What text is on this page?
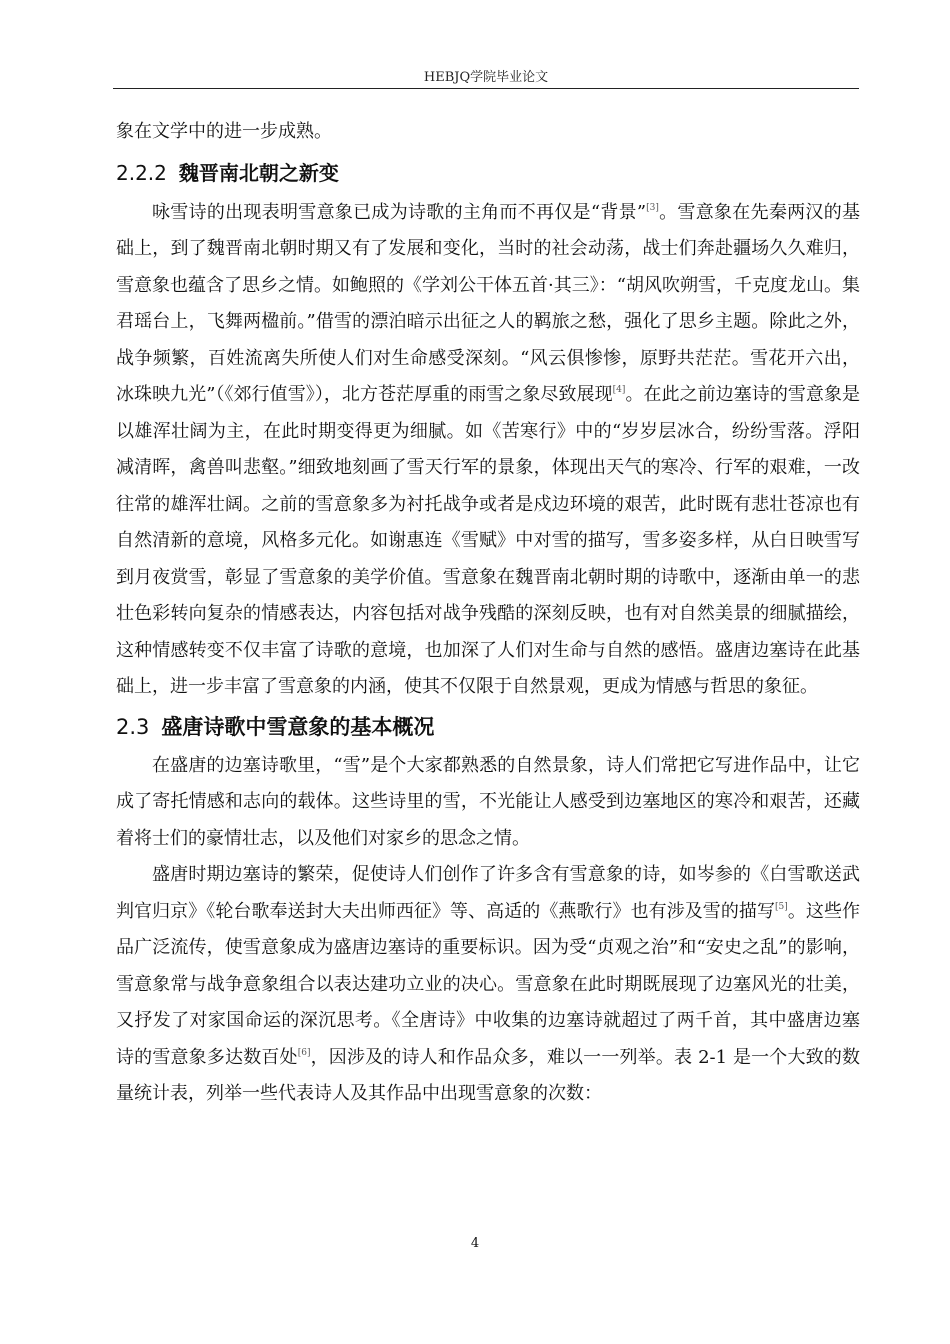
HEBJQ学院毕业论文

象在文学中的进一步成熟。

2.2.2 魏晋南北朝之新变

咏雪诗的出现表明雪意象已成为诗歌的主角而不再仅是“背景”[3]。雪意象在先秦两汉的基础上，到了魏晋南北朝时期又有了发展和变化，当时的社会动荡，战士们奔赴疆场久久难归，雪意象也蕴含了思乡之情。如鲍照的《学刘公干体五首·其三》：“胡风吹朔雪，千克度龙山。集君瑶台上，飞舞两楹前。”借雪的漂泊暗示出征之人的羁旅之愁，强化了思乡主题。除此之外，战争频繁，百姓流离失所使人们对生命感受深刻。“风云俱惨惨，原野共茫茫。雪花开六出，冰珠映九光”（《郊行值雪》），北方苍茫厚重的雨雪之象尽致展现[4]。在此之前边塞诗的雪意象是以雄浑壮阔为主，在此时期变得更为细腻。如《苦寒行》中的“岁岁层冰合，纷纷雪落。浮阳减清晖，禽兽叫悲壑。”细致地刻画了雪天行军的景象，体现出天气的寒冷、行军的艰难，一改往常的雄浑壮阔。之前的雪意象多为衬托战争或者是戍边环境的艰苦，此时既有悲壮苍凉也有自然清新的意境，风格多元化。如谢惠连《雪赋》中对雪的描写，雪多姿多样，从白日映雪写到月夜赏雪，彰显了雪意象的美学价值。雪意象在魏晋南北朝时期的诗歌中，逐渐由单一的悲壮色彩转向复杂的情感表达，内容包括对战争残酷的深刻反映，也有对自然美景的细腻描绘，这种情感转变不仅丰富了诗歌的意境，也加深了人们对生命与自然的感悟。盛唐边塞诗在此基础上，进一步丰富了雪意象的内涵，使其不仅限于自然景观，更成为情感与哲思的象征。

2.3 盛唐诗歌中雪意象的基本概况

在盛唐的边塞诗歌里，“雪”是个大家都熟悉的自然景象，诗人们常把它写进作品中，让它成了寄托情感和志向的载体。这些诗里的雪，不光能让人感受到边塞地区的寒冷和艰苦，还藏着将士们的豪情壮志，以及他们对家乡的思念之情。

盛唐时期边塞诗的繁荣，促使诗人们创作了许多含有雪意象的诗，如岑参的《白雪歌送武判官归京》《轮台歌奉送封大夫出师西征》等、高适的《燕歌行》也有涉及雪的描写[5]。这些作品广泛流传，使雪意象成为盛唐边塞诗的重要标识。因为受“贞观之治”和“安史之乱”的影响，雪意象常与战争意象组合以表达建功立业的决心。雪意象在此时期既展现了边塞风光的壮美，又抒发了对家国命运的深沉思考。《全唐诗》中收集的边塞诗就超过了两千首，其中盛唐边塞诗的雪意象多达数百处[6]，因涉及的诗人和作品众多，难以一一列举。表 2-1 是一个大致的数量统计表，列举一些代表诗人及其作品中出现雪意象的次数：

4
